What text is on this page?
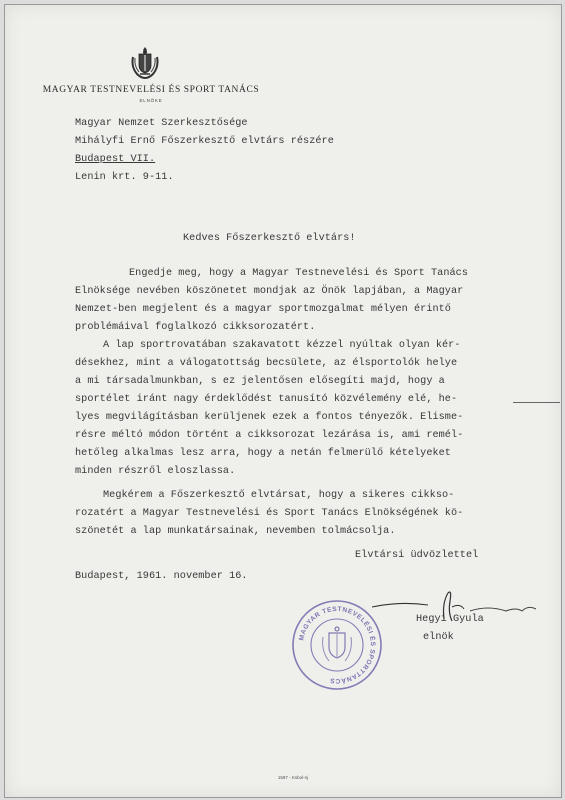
MAGYAR TESTNEVELÉSI ÉS SPORT TANÁCS
ELNÖKE
Magyar Nemzet Szerkesztősége
Mihályfi Ernő Főszerkesztő elvtárs részére
Budapest VII.
Lenin krt. 9-11.
Kedves Főszerkesztő elvtárs!
Engedje meg, hogy a Magyar Testnevelési és Sport Tanács
Elnöksége nevében köszönetet mondjak az Önök lapjában, a Magyar
Nemzet-ben megjelent és a magyar sportmozgalmat mélyen érintő
problémáival foglalkozó cikksorozatért.
A lap sportrovatában szakavatott kézzel nyúltak olyan kér-
désekhez, mint a válogatottság becsülete, az élsportolók helye
a mi társadalmunkban, s ez jelentősen elősegíti majd, hogy a
sportélet iránt nagy érdeklődést tanusító közvélemény elé, he-
lyes megvilágításban kerüljenek ezek a fontos tényezők. Elisme-
résre méltó módon történt a cikksorozat lezárása is, ami remél-
hetőleg alkalmas lesz arra, hogy a netán felmerülő kételyeket
minden részről eloszlassa.
Megkérem a Főszerkesztő elvtársat, hogy a sikeres cikkso-
rozatért a Magyar Testnevelési és Sport Tanács Elnökségének kö-
szönetét a lap munkatársainak, nevemben tolmácsolja.
Elvtársi üdvözlettel
Budapest, 1961. november 16.
MAGYAR TESTNEVELÉSI ÉS SPORTTANÁCS
Hegyi Gyula
elnök
1597 - Ksbol-nj
